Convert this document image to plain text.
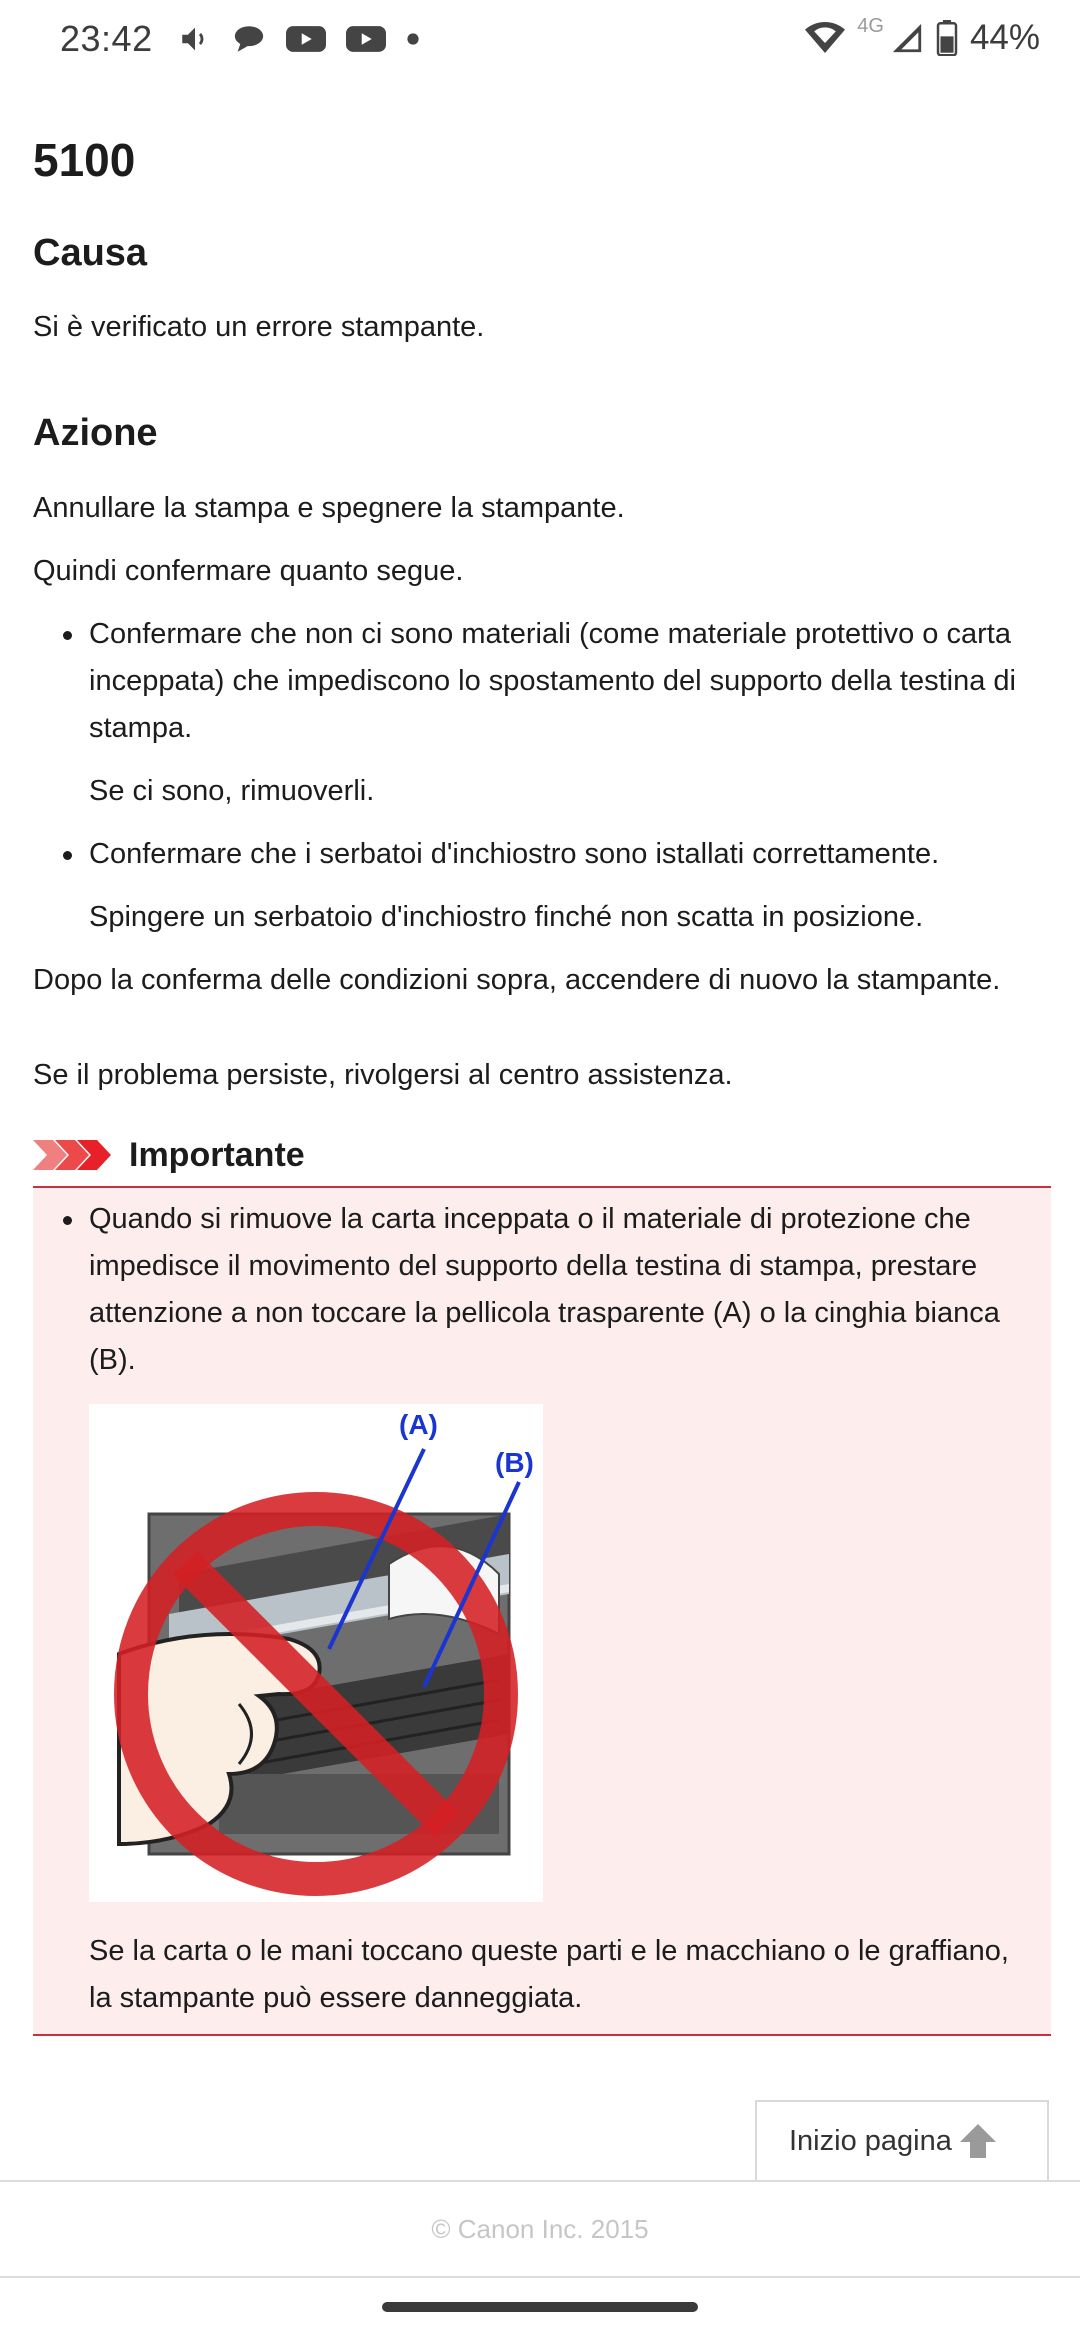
23:42	4G 44%
5100
Causa
Si è verificato un errore stampante.
Azione
Annullare la stampa e spegnere la stampante.
Quindi confermare quanto segue.
Confermare che non ci sono materiali (come materiale protettivo o carta inceppata) che impediscono lo spostamento del supporto della testina di stampa.
Se ci sono, rimuoverli.
Confermare che i serbatoi d'inchiostro sono istallati correttamente.
Spingere un serbatoio d'inchiostro finché non scatta in posizione.
Dopo la conferma delle condizioni sopra, accendere di nuovo la stampante.
Se il problema persiste, rivolgersi al centro assistenza.
Importante
Quando si rimuove la carta inceppata o il materiale di protezione che impedisce il movimento del supporto della testina di stampa, prestare attenzione a non toccare la pellicola trasparente (A) o la cinghia bianca (B).
(A)
(B)
Se la carta o le mani toccano queste parti e le macchiano o le graffiano, la stampante può essere danneggiata.
Inizio pagina
© Canon Inc. 2015
